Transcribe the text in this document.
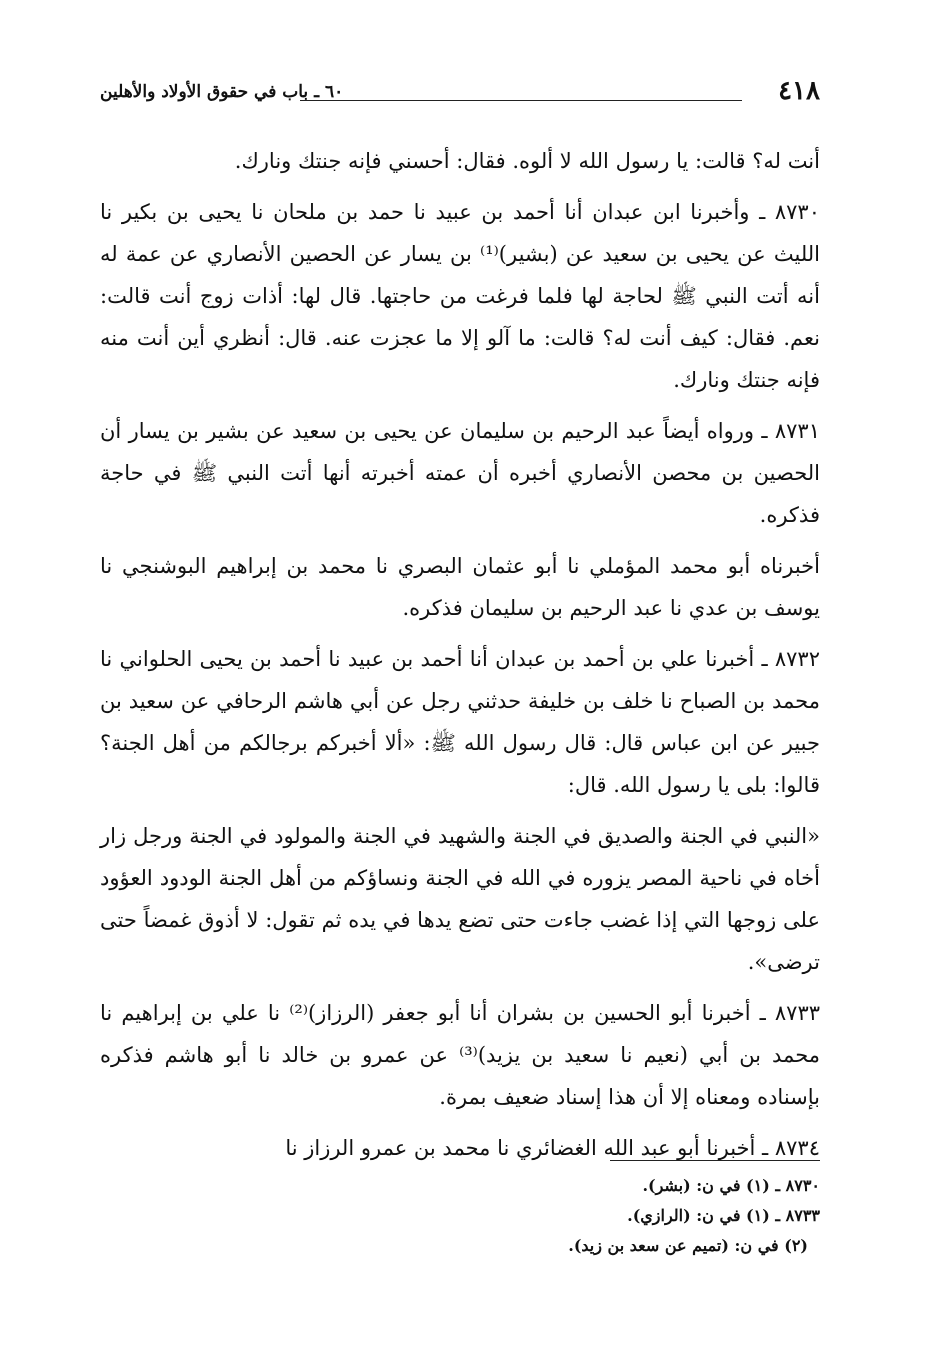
٤١٨
٦٠ ـ باب في حقوق الأولاد والأهلين

أنت له؟ قالت: يا رسول الله لا ألوه. فقال: أحسني فإنه جنتك ونارك.

٨٧٣٠ ـ وأخبرنا ابن عبدان أنا أحمد بن عبيد نا حمد بن ملحان نا يحيى بن بكير نا الليث عن يحيى بن سعيد عن (بشير)⁽¹⁾ بن يسار عن الحصين الأنصاري عن عمة له أنه أتت النبي ﷺ لحاجة لها فلما فرغت من حاجتها. قال لها: أذات زوج أنت قالت: نعم. فقال: كيف أنت له؟ قالت: ما آلو إلا ما عجزت عنه. قال: أنظري أين أنت منه فإنه جنتك ونارك.

٨٧٣١ ـ ورواه أيضاً عبد الرحيم بن سليمان عن يحيى بن سعيد عن بشير بن يسار أن الحصين بن محصن الأنصاري أخبره أن عمته أخبرته أنها أتت النبي ﷺ في حاجة فذكره.

أخبرناه أبو محمد المؤملي نا أبو عثمان البصري نا محمد بن إبراهيم البوشنجي نا يوسف بن عدي نا عبد الرحيم بن سليمان فذكره.

٨٧٣٢ ـ أخبرنا علي بن أحمد بن عبدان أنا أحمد بن عبيد نا أحمد بن يحيى الحلواني نا محمد بن الصباح نا خلف بن خليفة حدثني رجل عن أبي هاشم الرحافي عن سعيد بن جبير عن ابن عباس قال: قال رسول الله ﷺ: «ألا أخبركم برجالكم من أهل الجنة؟ قالوا: بلى يا رسول الله. قال:

«النبي في الجنة والصديق في الجنة والشهيد في الجنة والمولود في الجنة ورجل زار أخاه في ناحية المصر يزوره في الله في الجنة ونساؤكم من أهل الجنة الودود العؤود على زوجها التي إذا غضب جاءت حتى تضع يدها في يده ثم تقول: لا أذوق غمضاً حتى ترضى».

٨٧٣٣ ـ أخبرنا أبو الحسين بن بشران أنا أبو جعفر (الرزاز)⁽²⁾ نا علي بن إبراهيم نا محمد بن أبي (نعيم نا سعيد بن يزيد)⁽³⁾ عن عمرو بن خالد نا أبو هاشم فذكره بإسناده ومعناه إلا أن هذا إسناد ضعيف بمرة.

٨٧٣٤ ـ أخبرنا أبو عبد الله الغضائري نا محمد بن عمرو الرزاز نا

٨٧٣٠ ـ (١) في ن: (بشر).
٨٧٣٣ ـ (١) في ن: (الرازي).
(٢) في ن: (تميم عن سعد بن زيد).
